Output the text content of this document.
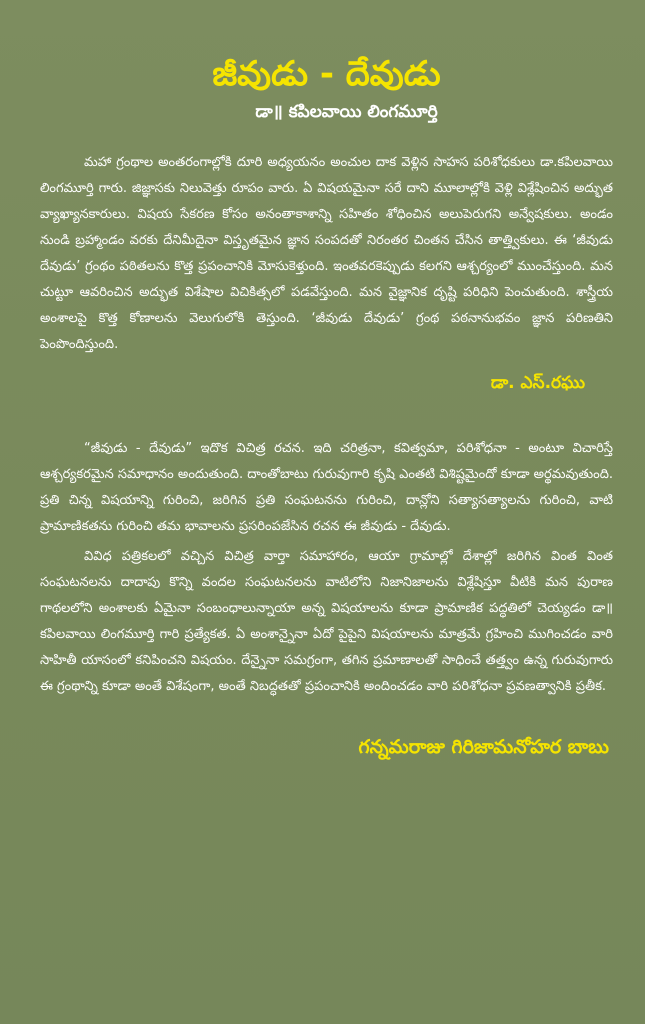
జీవుడు - దేవుడు
డా॥ కపిలవాయి లింగమూర్తి

మహా గ్రంథాల అంతరంగాల్లోకి దూరి అధ్యయనం అంచుల దాక వెళ్లిన సాహస పరిశోధకులు డా.కపిలవాయి లింగమూర్తి గారు. జిజ్ఞాసకు నిలువెత్తు రూపం వారు. ఏ విషయమైనా సరే దాని మూలాల్లోకి వెళ్లి విశ్లేషించిన అద్భుత వ్యాఖ్యానకారులు. విషయ సేకరణ కోసం అనంతాకాశాన్ని సహితం శోధించిన అలుపెరుగని అన్వేషకులు. అండం నుండి బ్రహ్మాండం వరకు దేనిమీదైనా విస్తృతమైన జ్ఞాన సంపదతో నిరంతర చింతన చేసిన తాత్త్వికులు. ఈ ‘జీవుడు దేవుడు’ గ్రంథం పఠితలను కొత్త ప్రపంచానికి మోసుకెళ్తుంది. ఇంతవరకెప్పుడు కలగని ఆశ్చర్యంలో ముంచేస్తుంది. మన చుట్టూ ఆవరించిన అద్భుత విశేషాల విచికిత్సలో పడవేస్తుంది. మన వైజ్ఞానిక దృష్టి పరిధిని పెంచుతుంది. శాస్త్రీయ అంశాలపై కొత్త కోణాలను వెలుగులోకి తెస్తుంది. ‘జీవుడు దేవుడు’ గ్రంథ పఠనానుభవం జ్ఞాన పరిణతిని పెంపొందిస్తుంది.

డా. ఎస్.రఘు

“జీవుడు - దేవుడు” ఇదొక విచిత్ర రచన. ఇది చరిత్రనా, కవిత్వమా, పరిశోధనా - అంటూ విచారిస్తే ఆశ్చర్యకరమైన సమాధానం అందుతుంది. దాంతోబాటు గురువుగారి కృషి ఎంతటి విశిష్టమైందో కూడా అర్థమవుతుంది. ప్రతి చిన్న విషయాన్ని గురించి, జరిగిన ప్రతి సంఘటనను గురించి, దాన్లోని సత్యాసత్యాలను గురించి, వాటి ప్రామాణికతను గురించి తమ భావాలను ప్రసరింపజేసిన రచన ఈ జీవుడు - దేవుడు.

వివిధ పత్రికలలో వచ్చిన విచిత్ర వార్తా సమాహారం, ఆయా గ్రామాల్లో దేశాల్లో జరిగిన వింత వింత సంఘటనలను దాదాపు కొన్ని వందల సంఘటనలను వాటిలోని నిజానిజాలను విశ్లేషిస్తూ వీటికి మన పురాణ గాథలలోని అంశాలకు ఏమైనా సంబంధాలున్నాయా అన్న విషయాలను కూడా ప్రామాణిక పద్ధతిలో చెయ్యడం డా॥ కపిలవాయి లింగమూర్తి గారి ప్రత్యేకత. ఏ అంశాన్నైనా ఏదో పైపైని విషయాలను మాత్రమే గ్రహించి ముగించడం వారి సాహితీ యాసంలో కనిపించని విషయం. దేన్నైనా సమగ్రంగా, తగిన ప్రమాణాలతో సాధించే తత్త్వం ఉన్న గురువుగారు ఈ గ్రంథాన్ని కూడా అంతే విశేషంగా, అంతే నిబద్ధతతో ప్రపంచానికి అందించడం వారి పరిశోధనా ప్రవణత్వానికి ప్రతీక.

గన్నమరాజు గిరిజామనోహర బాబు
